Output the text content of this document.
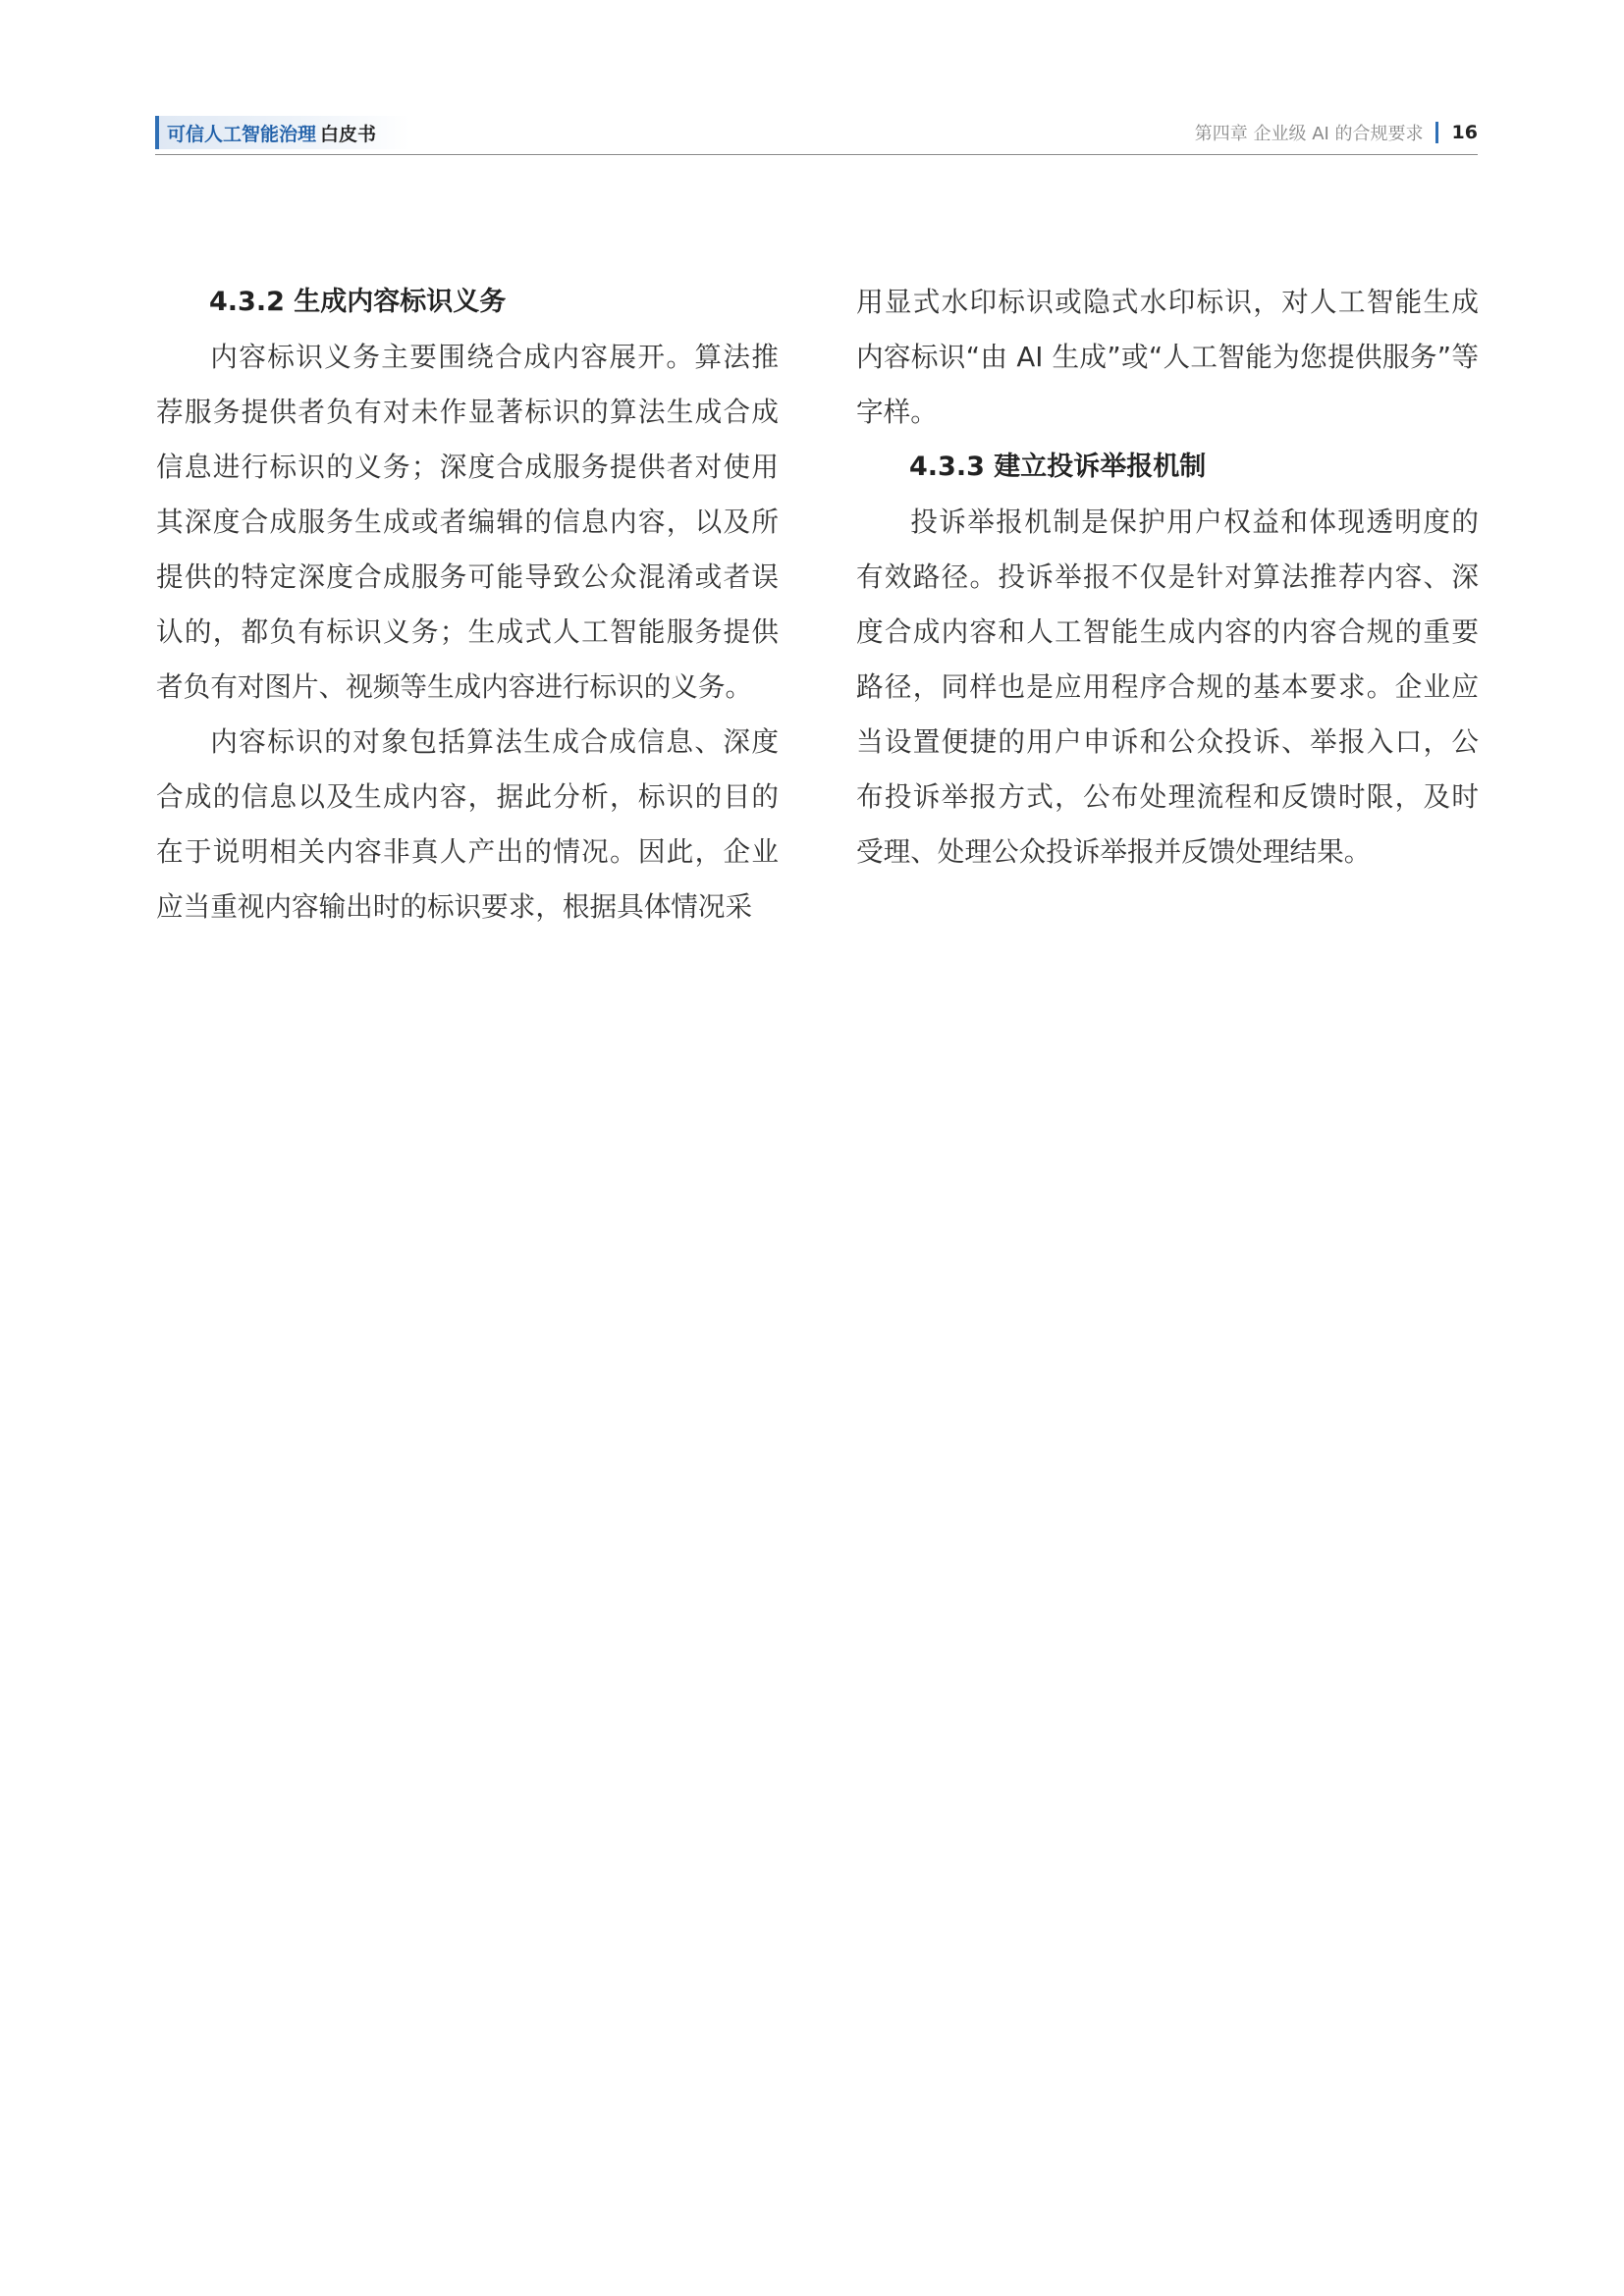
可信人工智能治理 白皮书	第四章 企业级 AI 的合规要求 16
4.3.2 生成内容标识义务

内容标识义务主要围绕合成内容展开。算法推荐服务提供者负有对未作显著标识的算法生成合成信息进行标识的义务；深度合成服务提供者对使用其深度合成服务生成或者编辑的信息内容，以及所提供的特定深度合成服务可能导致公众混淆或者误认的，都负有标识义务；生成式人工智能服务提供者负有对图片、视频等生成内容进行标识的义务。

内容标识的对象包括算法生成合成信息、深度合成的信息以及生成内容，据此分析，标识的目的在于说明相关内容非真人产出的情况。因此，企业应当重视内容输出时的标识要求，根据具体情况采

用显式水印标识或隐式水印标识，对人工智能生成内容标识“由 AI 生成”或“人工智能为您提供服务”等字样。

4.3.3 建立投诉举报机制

投诉举报机制是保护用户权益和体现透明度的有效路径。投诉举报不仅是针对算法推荐内容、深度合成内容和人工智能生成内容的内容合规的重要路径，同样也是应用程序合规的基本要求。企业应当设置便捷的用户申诉和公众投诉、举报入口，公布投诉举报方式，公布处理流程和反馈时限，及时受理、处理公众投诉举报并反馈处理结果。
